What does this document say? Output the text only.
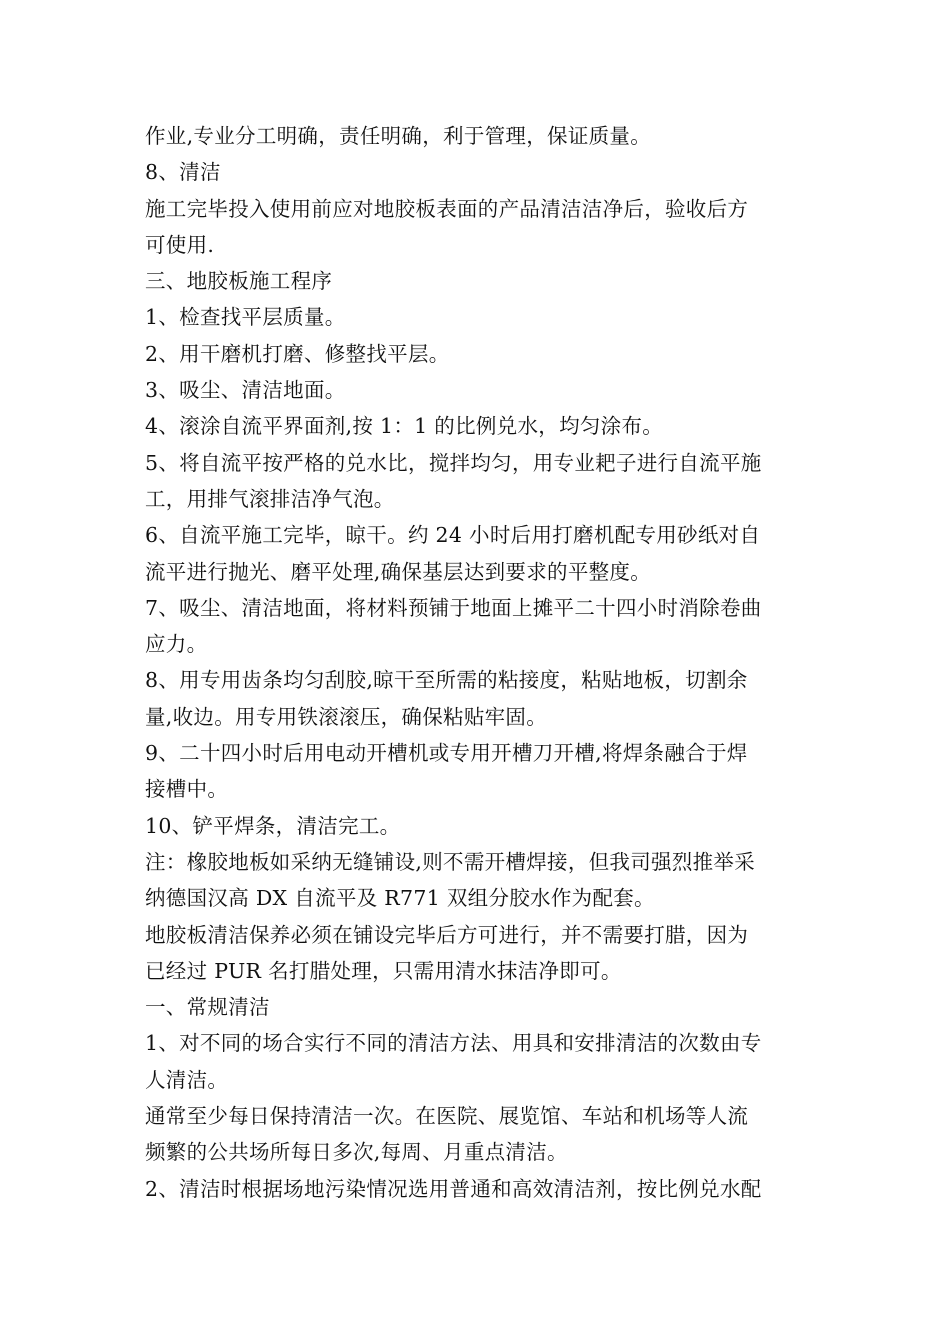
作业,专业分工明确，责任明确，利于管理，保证质量。
8、清洁
施工完毕投入使用前应对地胶板表面的产品清洁洁净后，验收后方
可使用.
三、地胶板施工程序
1、检查找平层质量。
2、用干磨机打磨、修整找平层。
3、吸尘、清洁地面。
4、滚涂自流平界面剂,按 1：1 的比例兑水，均匀涂布。
5、将自流平按严格的兑水比，搅拌均匀，用专业耙子进行自流平施
工，用排气滚排洁净气泡。
6、自流平施工完毕，晾干。约 24 小时后用打磨机配专用砂纸对自
流平进行抛光、磨平处理,确保基层达到要求的平整度。
7、吸尘、清洁地面，将材料预铺于地面上摊平二十四小时消除卷曲
应力。
8、用专用齿条均匀刮胶,晾干至所需的粘接度，粘贴地板，切割余
量,收边。用专用铁滚滚压，确保粘贴牢固。
9、二十四小时后用电动开槽机或专用开槽刀开槽,将焊条融合于焊
接槽中。
10、铲平焊条，清洁完工。
注：橡胶地板如采纳无缝铺设,则不需开槽焊接，但我司强烈推举采
纳德国汉高 DX 自流平及 R771 双组分胶水作为配套。
地胶板清洁保养必须在铺设完毕后方可进行，并不需要打腊，因为
已经过 PUR 名打腊处理，只需用清水抹洁净即可。
一、常规清洁
1、对不同的场合实行不同的清洁方法、用具和安排清洁的次数由专
人清洁。
通常至少每日保持清洁一次。在医院、展览馆、车站和机场等人流
频繁的公共场所每日多次,每周、月重点清洁。
2、清洁时根据场地污染情况选用普通和高效清洁剂，按比例兑水配
